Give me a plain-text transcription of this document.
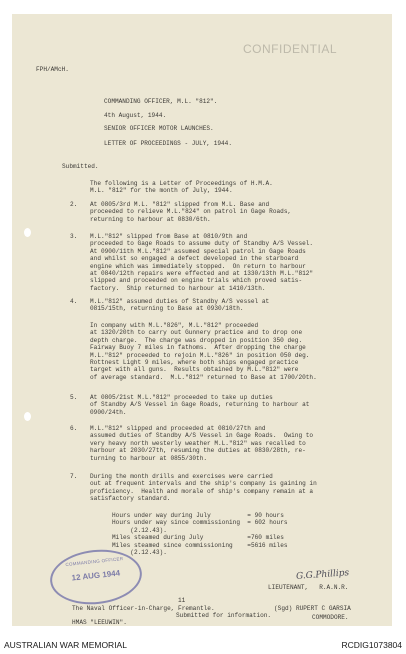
CONFIDENTIAL
FPH/AMcH.
COMMANDING OFFICER, M.L. "812".
4th August, 1944.
SENIOR OFFICER MOTOR LAUNCHES.
LETTER OF PROCEEDINGS - JULY, 1944.
Submitted.
The following is a Letter of Proceedings of H.M.A.
M.L. "812" for the month of July, 1944.
2. At 0805/3rd M.L. "812" slipped from M.L. Base and
proceeded to relieve M.L."824" on patrol in Gage Roads,
returning to harbour at 0830/6th.
3. M.L."812" slipped from Base at 0810/9th and
proceeded to Gage Roads to assume duty of Standby A/S Vessel.
At 0900/11th M.L."812" assumed special patrol in Gage Roads
and whilst so engaged a defect developed in the starboard
engine which was immediately stopped.  On return to harbour
at 0840/12th repairs were effected and at 1330/13th M.L."812"
slipped and proceeded on engine trials which proved satis-
factory.  Ship returned to harbour at 1410/13th.
4. M.L."812" assumed duties of Standby A/S vessel at
0815/15th, returning to Base at 0930/18th.
In company with M.L."826", M.L."812" proceeded
at 1320/20th to carry out Gunnery practice and to drop one
depth charge.  The charge was dropped in position 350 deg.
Fairway Buoy 7 miles in fathoms.  After dropping the charge
M.L."812" proceeded to rejoin M.L."826" in position 050 deg.
Rottnest Light 9 miles, where both ships engaged practice
target with all guns.  Results obtained by M.L."812" were
of average standard.  M.L."812" returned to Base at 1700/20th.
5. At 0805/21st M.L."812" proceeded to take up duties
of Standby A/S Vessel in Gage Roads, returning to harbour at
0900/24th.
6. M.L."812" slipped and proceeded at 0810/27th and
assumed duties of Standby A/S Vessel in Gage Roads.  Owing to
very heavy north westerly weather M.L."812" was recalled to
harbour at 2030/27th, resuming the duties at 0830/28th, re-
turning to harbour at 0855/30th.
7. During the month drills and exercises were carried
out at frequent intervals and the ship's company is gaining in
proficiency.  Health and morale of ship's company remain at a
satisfactory standard.
Hours under way during July          = 90 hours
Hours under way since commissioning  = 602 hours
(2.12.43).
Miles steamed during July            =760 miles
Miles steamed since commissioning    =5616 miles
(2.12.43).
COMMANDING OFFICER
12 AUG 1944	G.G.Phillips
LIEUTENANT,   R.A.N.R.
11
The Naval Officer-in-Charge, Fremantle.
Submitted for information.
HMAS "LEEUWIN".
(Sgd) RUPERT C GARSIA
COMMODORE.
AUSTRALIAN WAR MEMORIAL	RCDIG1073804
